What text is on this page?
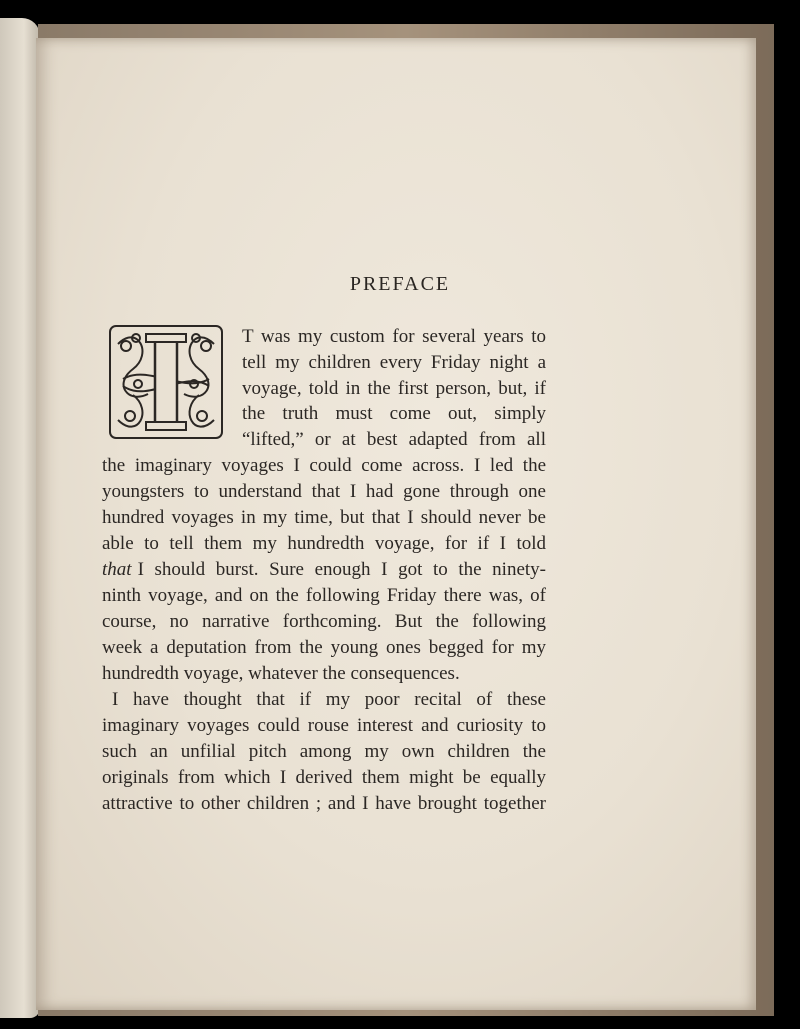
PREFACE
T was my custom for several years to
tell my children every Friday night a
voyage, told in the first person, but, if
the truth must come out, simply
“lifted,” or at best adapted from all
the imaginary voyages I could come across. I led the
youngsters to understand that I had gone through one
hundred voyages in my time, but that I should never be
able to tell them my hundredth voyage, for if I told
that I should burst. Sure enough I got to the ninety-
ninth voyage, and on the following Friday there was, of
course, no narrative forthcoming. But the following
week a deputation from the young ones begged for my
hundredth voyage, whatever the consequences.
I have thought that if my poor recital of these
imaginary voyages could rouse interest and curiosity to
such an unfilial pitch among my own children the
originals from which I derived them might be equally
attractive to other children ; and I have brought together
